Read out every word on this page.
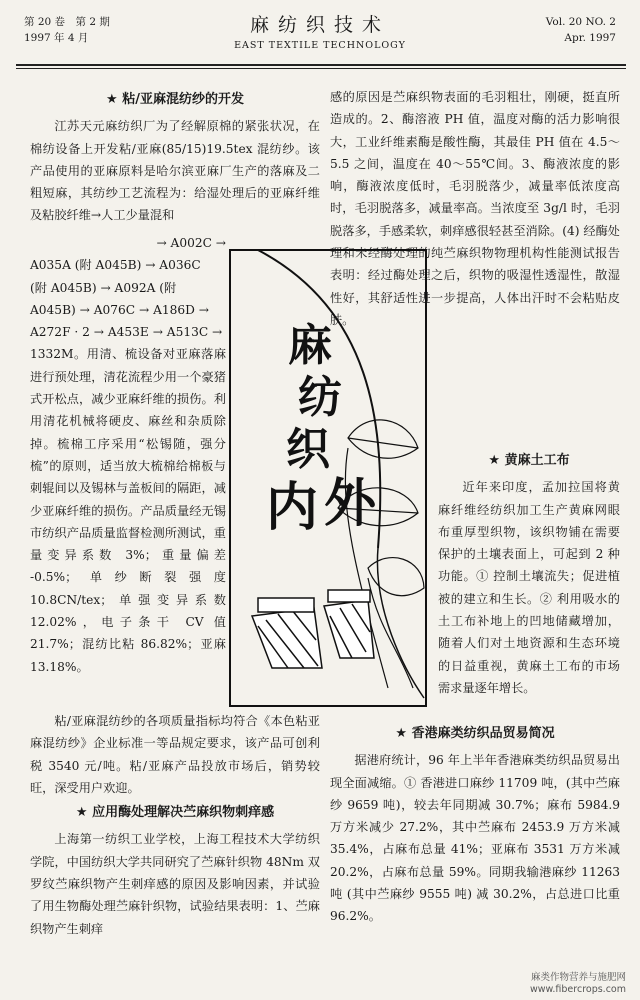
第 20 卷　第 2 期
1997 年 4 月
麻纺织技术
EAST TEXTILE TECHNOLOGY
Vol. 20 NO. 2
Apr. 1997

★ 粘/亚麻混纺纱的开发

江苏天元麻纺织厂为了经解原棉的紧张状况，在棉纺设备上开发粘/亚麻(85/15)19.5tex 混纺纱。该产品使用的亚麻原料是哈尔滨亚麻厂生产的落麻及二粗短麻，其纺纱工艺流程为：给湿处理后的亚麻纤维及粘胶纤维→人工少量混和

→ A002C →
A035A (附 A045B) → A036C
(附 A045B) → A092A (附
A045B) → A076C → A186D →
A272F · 2 → A453E → A513C →

1332M。用清、梳设备对亚麻落麻进行预处理，清花流程少用一个豪猪式开松点，减少亚麻纤维的损伤。利用清花机械将硬皮、麻丝和杂质除掉。梳棉工序采用“松锡随，强分梳”的原则，适当放大梳棉给棉板与刺辊间以及锡林与盖板间的隔距，减少亚麻纤维的损伤。产品质量经无锡市纺织产品质量监督检测所测试，重量变异系数 3%；重量偏差 -0.5%；单纱断裂强度 10.8CN/tex；单强变异系数 12.02%，电子条干 CV 值 21.7%；混纺比粘 86.82%；亚麻 13.18%。

粘/亚麻混纺纱的各项质量指标均符合《本色粘亚麻混纺纱》企业标准一等品规定要求，该产品可创利税 3540 元/吨。粘/亚麻产品投放市场后，销势较旺，深受用户欢迎。

★ 应用酶处理解决苎麻织物刺痒感

上海第一纺织工业学校，上海工程技术大学纺织学院，中国纺织大学共同研究了苎麻针织物 48Nm 双罗纹苎麻织物产生刺痒感的原因及影响因素，并试验了用生物酶处理苎麻针织物，试验结果表明：1、苎麻织物产生刺痒

感的原因是苎麻织物表面的毛羽粗壮，刚硬，挺直所造成的。2、酶溶液 PH 值，温度对酶的活力影响很大，工业纤维素酶是酸性酶，其最佳 PH 值在 4.5～5.5 之间，温度在 40～55℃间。3、酶液浓度的影响，酶液浓度低时，毛羽脱落少，减量率低浓度高时，毛羽脱落多，减量率高。当浓度至 3g/l 时，毛羽脱落多，手感柔软，刺痒感很轻甚至消除。(4) 经酶处理和未经酶处理的纯苎麻织物物理机构性能测试报告表明：经过酶处理之后，织物的吸湿性透湿性，散湿性好，其舒适性进一步提高，人体出汗时不会粘贴皮肤。

★ 黄麻土工布

近年来印度，孟加拉国将黄麻纤维经纺织加工生产黄麻网眼布重厚型织物，该织物铺在需要保护的土壤表面上，可起到 2 种功能。① 控制土壤流失；促进植被的建立和生长。② 利用吸水的土工布补地上的凹地储藏增加，随着人们对土地资源和生态环境的日益重视，黄麻土工布的市场需求量逐年增长。

★ 香港麻类纺织品贸易简况

据港府统计，96 年上半年香港麻类纺织品贸易出现全面减缩。① 香港进口麻纱 11709 吨，(其中苎麻纱 9659 吨)，较去年同期减 30.7%；麻布 5984.9 万方米减少 27.2%，其中苎麻布 2453.9 万方米减 35.4%，占麻布总量 41%；亚麻布 3531 万方米减 20.2%，占麻布总量 59%。同期我输港麻纱 11263 吨 (其中苎麻纱 9555 吨) 减 30.2%，占总进口比重 96.2%。

麻
纺
织
内 外
麻类作物营养与施肥网
www.fibercrops.com
